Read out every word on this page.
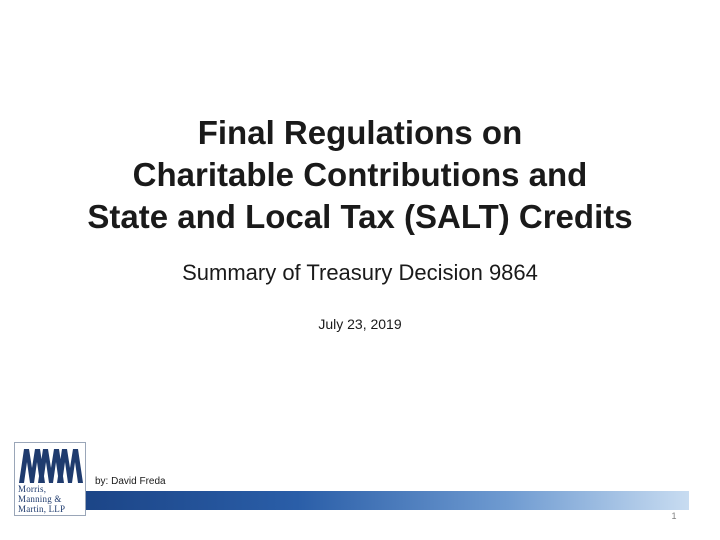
Final Regulations on
Charitable Contributions and
State and Local Tax (SALT) Credits
Summary of Treasury Decision 9864
July 23, 2019
Morris,
Manning &
Martin, LLP
by: David Freda
1
